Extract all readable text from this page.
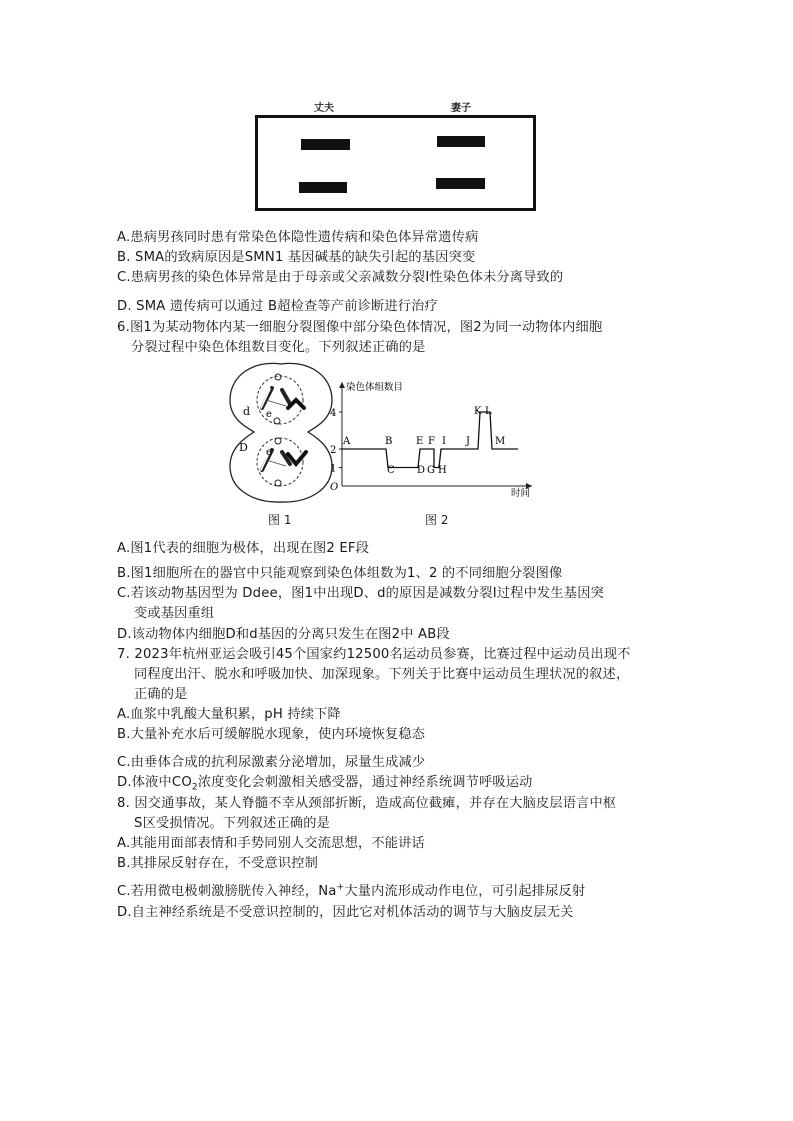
丈夫	妻子
A.患病男孩同时患有常染色体隐性遗传病和染色体异常遗传病
B. SMA的致病原因是SMN1 基因碱基的缺失引起的基因突变
C.患病男孩的染色体异常是由于母亲或父亲减数分裂Ⅰ性染色体未分离导致的
D. SMA 遗传病可以通过 B超检查等产前诊断进行治疗
6.图1为某动物体内某一细胞分裂图像中部分染色体情况，图2为同一动物体内细胞
分裂过程中染色体组数目变化。下列叙述正确的是
d e
D e
图 1
染色体组数目
O
时间
1
2
4
A	B
C
E F I
D G H
J
K L
M
图 2
A.图1代表的细胞为极体，出现在图2 EF段
B.图1细胞所在的器官中只能观察到染色体组数为1、2 的不同细胞分裂图像
C.若该动物基因型为 Ddee，图1中出现D、d的原因是减数分裂Ⅰ过程中发生基因突
变或基因重组
D.该动物体内细胞D和d基因的分离只发生在图2中 AB段
7. 2023年杭州亚运会吸引45个国家约12500名运动员参赛，比赛过程中运动员出现不
同程度出汗、脱水和呼吸加快、加深现象。下列关于比赛中运动员生理状况的叙述，
正确的是
A.血浆中乳酸大量积累，pH 持续下降
B.大量补充水后可缓解脱水现象，使内环境恢复稳态
C.由垂体合成的抗利尿激素分泌增加，尿量生成减少
D.体液中$CO_2$浓度变化会刺激相关感受器，通过神经系统调节呼吸运动
8. 因交通事故，某人脊髓不幸从颈部折断，造成高位截瘫，并存在大脑皮层语言中枢
S区受损情况。下列叙述正确的是
A.其能用面部表情和手势同别人交流思想，不能讲话
B.其排尿反射存在，不受意识控制
C.若用微电极刺激膀胱传入神经，Na+大量内流形成动作电位，可引起排尿反射
D.自主神经系统是不受意识控制的，因此它对机体活动的调节与大脑皮层无关
